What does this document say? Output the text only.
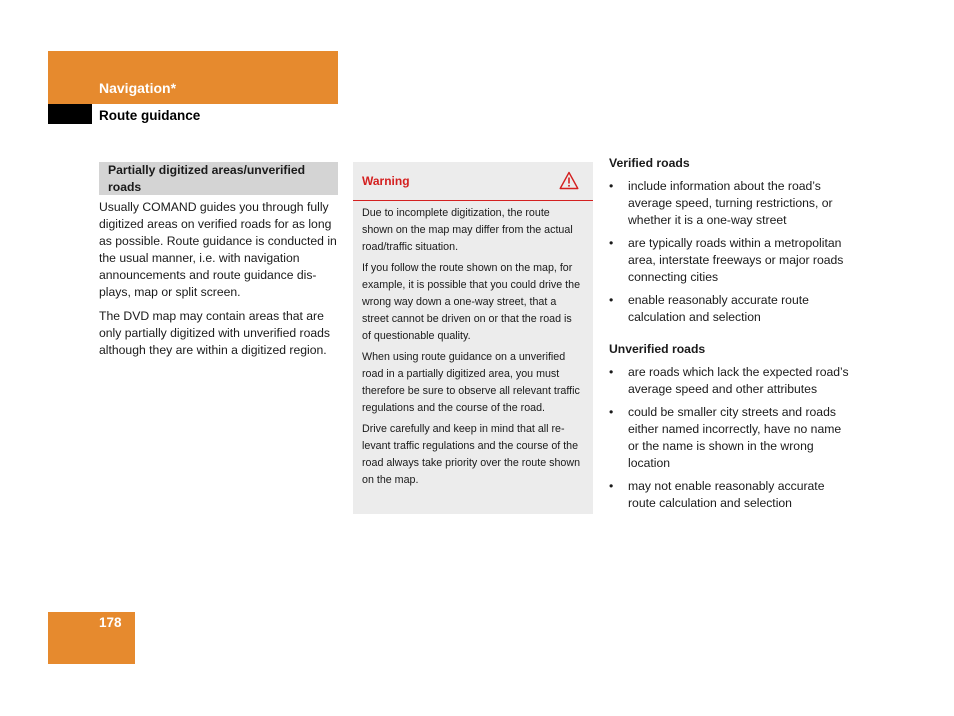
Navigation*
Route guidance
Partially digitized areas/unverified roads

Usually COMAND guides you through fully digitized areas on verified roads for as long as possible. Route guidance is conducted in the usual manner, i.e. with navigation announcements and route guidance dis-plays, map or split screen.

The DVD map may contain areas that are only partially digitized with unverified roads although they are within a digitized region.

Warning

Due to incomplete digitization, the route shown on the map may differ from the actual road/traffic situation.

If you follow the route shown on the map, for example, it is possible that you could drive the wrong way down a one-way street, that a street cannot be driven on or that the road is of questionable quality.

When using route guidance on a unverified road in a partially digitized area, you must therefore be sure to observe all relevant traffic regulations and the course of the road.

Drive carefully and keep in mind that all re-levant traffic regulations and the course of the road always take priority over the route shown on the map.

Verified roads
• include information about the road’s average speed, turning restrictions, or whether it is a one-way street
• are typically roads within a metropolitan area, interstate freeways or major roads connecting cities
• enable reasonably accurate route calculation and selection
Unverified roads
• are roads which lack the expected road’s average speed and other attributes
• could be smaller city streets and roads either named incorrectly, have no name or the name is shown in the wrong location
• may not enable reasonably accurate route calculation and selection
178
